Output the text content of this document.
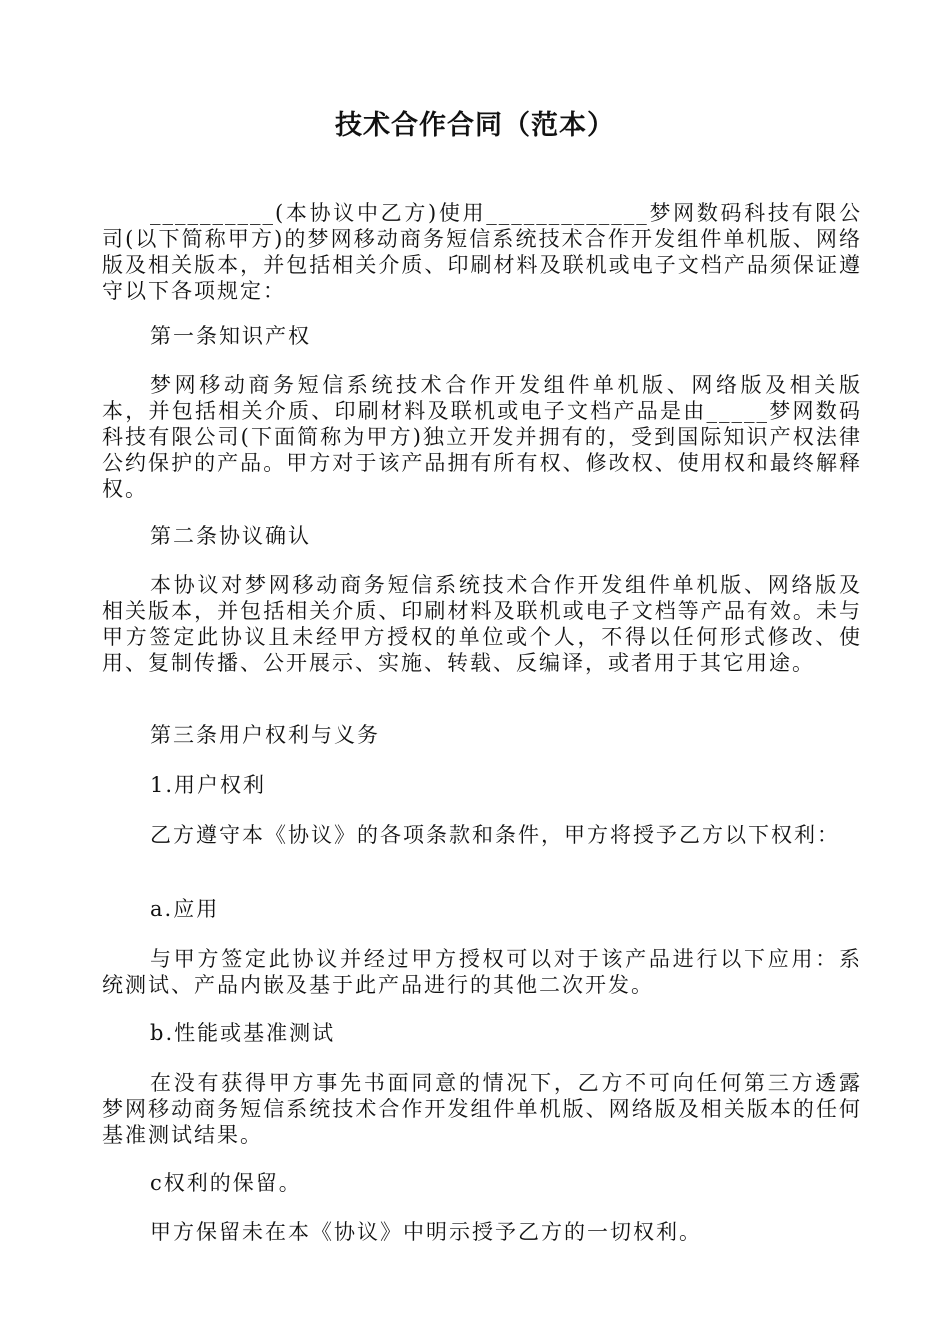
技术合作合同（范本）

__________(本协议中乙方)使用_____________梦网数码科技有限公司(以下简称甲方)的梦网移动商务短信系统技术合作开发组件单机版、网络版及相关版本，并包括相关介质、印刷材料及联机或电子文档产品须保证遵守以下各项规定：

第一条知识产权

梦网移动商务短信系统技术合作开发组件单机版、网络版及相关版本，并包括相关介质、印刷材料及联机或电子文档产品是由_____梦网数码科技有限公司(下面简称为甲方)独立开发并拥有的，受到国际知识产权法律公约保护的产品。甲方对于该产品拥有所有权、修改权、使用权和最终解释权。

第二条协议确认

本协议对梦网移动商务短信系统技术合作开发组件单机版、网络版及相关版本，并包括相关介质、印刷材料及联机或电子文档等产品有效。未与甲方签定此协议且未经甲方授权的单位或个人，不得以任何形式修改、使用、复制传播、公开展示、实施、转载、反编译，或者用于其它用途。

第三条用户权利与义务

1.用户权利

乙方遵守本《协议》的各项条款和条件，甲方将授予乙方以下权利：

a.应用

与甲方签定此协议并经过甲方授权可以对于该产品进行以下应用：系统测试、产品内嵌及基于此产品进行的其他二次开发。

b.性能或基准测试

在没有获得甲方事先书面同意的情况下，乙方不可向任何第三方透露梦网移动商务短信系统技术合作开发组件单机版、网络版及相关版本的任何基准测试结果。

c权利的保留。

甲方保留未在本《协议》中明示授予乙方的一切权利。
